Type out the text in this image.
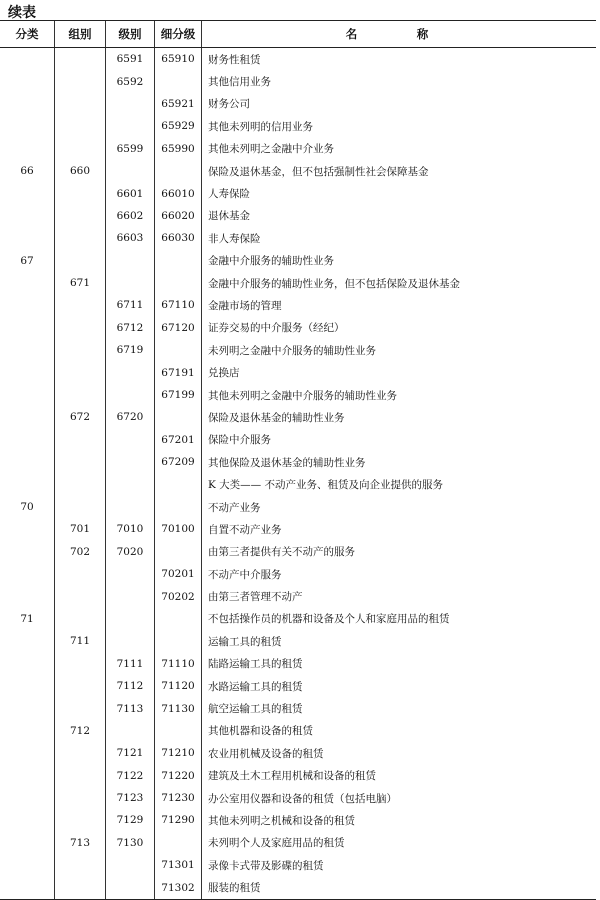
续表
分类	组别	级别	细分级	名　称
		6591	65910	财务性租赁
		6592		其他信用业务
			65921	财务公司
			65929	其他未列明的信用业务
		6599	65990	其他未列明之金融中介业务
66	660			保险及退休基金，但不包括强制性社会保障基金
		6601	66010	人寿保险
		6602	66020	退休基金
		6603	66030	非人寿保险
67				金融中介服务的辅助性业务
	671			金融中介服务的辅助性业务，但不包括保险及退休基金
		6711	67110	金融市场的管理
		6712	67120	证券交易的中介服务（经纪）
		6719		未列明之金融中介服务的辅助性业务
			67191	兑换店
			67199	其他未列明之金融中介服务的辅助性业务
	672	6720		保险及退休基金的辅助性业务
			67201	保险中介服务
			67209	其他保险及退休基金的辅助性业务
				K 大类—— 不动产业务、租赁及向企业提供的服务
70				不动产业务
	701	7010	70100	自置不动产业务
	702	7020		由第三者提供有关不动产的服务
			70201	不动产中介服务
			70202	由第三者管理不动产
71				不包括操作员的机器和设备及个人和家庭用品的租赁
	711			运输工具的租赁
		7111	71110	陆路运输工具的租赁
		7112	71120	水路运输工具的租赁
		7113	71130	航空运输工具的租赁
	712			其他机器和设备的租赁
		7121	71210	农业用机械及设备的租赁
		7122	71220	建筑及土木工程用机械和设备的租赁
		7123	71230	办公室用仪器和设备的租赁（包括电脑）
		7129	71290	其他未列明之机械和设备的租赁
	713	7130		未列明个人及家庭用品的租赁
			71301	录像卡式带及影碟的租赁
			71302	服装的租赁
